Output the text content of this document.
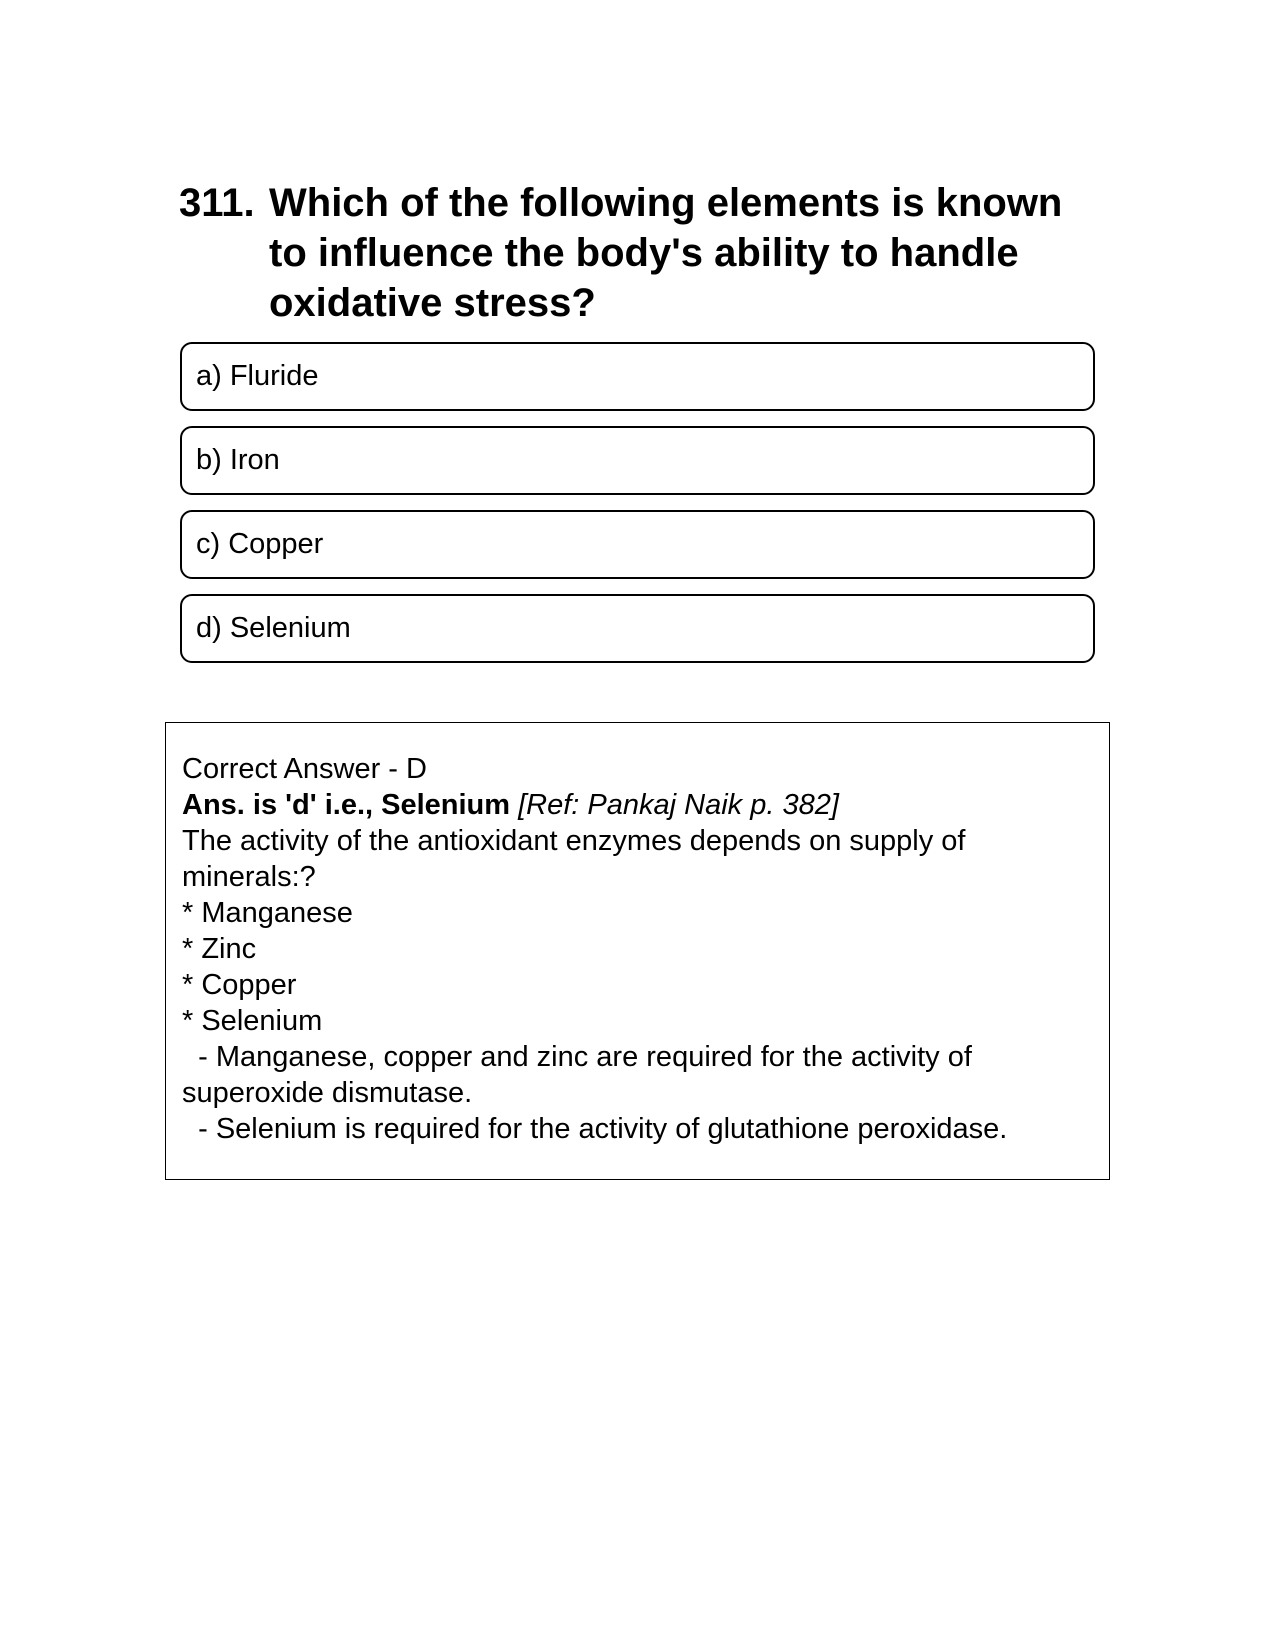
311. Which of the following elements is known to influence the body's ability to handle oxidative stress?
a) Fluride
b) Iron
c) Copper
d) Selenium
Correct Answer - D
Ans. is 'd' i.e., Selenium [Ref: Pankaj Naik p. 382]
The activity of the antioxidant enzymes depends on supply of minerals:?
* Manganese
* Zinc
* Copper
* Selenium
- Manganese, copper and zinc are required for the activity of superoxide dismutase.
- Selenium is required for the activity of glutathione peroxidase.
